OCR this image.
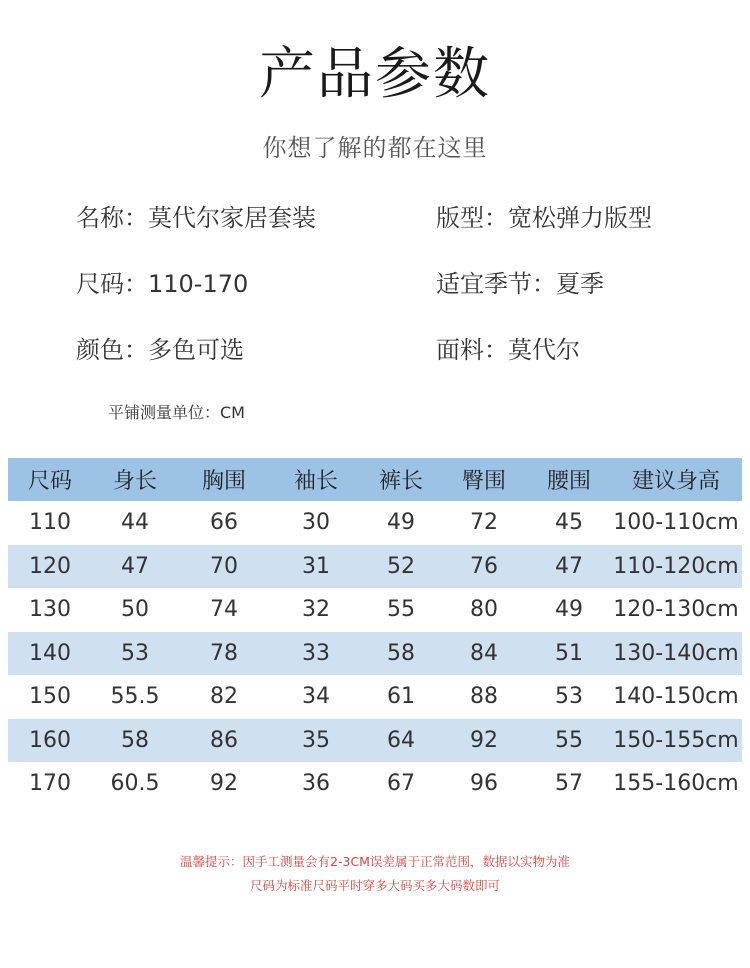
产品参数
你想了解的都在这里
名称：莫代尔家居套装	版型：宽松弹力版型
尺码：110-170	适宜季节：夏季
颜色：多色可选	面料：莫代尔
平铺测量单位：CM
尺码	身长	胸围	袖长	裤长	臀围	腰围	建议身高
110	44	66	30	49	72	45	100-110cm
120	47	70	31	52	76	47	110-120cm
130	50	74	32	55	80	49	120-130cm
140	53	78	33	58	84	51	130-140cm
150	55.5	82	34	61	88	53	140-150cm
160	58	86	35	64	92	55	150-155cm
170	60.5	92	36	67	96	57	155-160cm
温馨提示：因手工测量会有2-3CM误差属于正常范围，数据以实物为准
尺码为标准尺码平时穿多大码买多大码数即可
